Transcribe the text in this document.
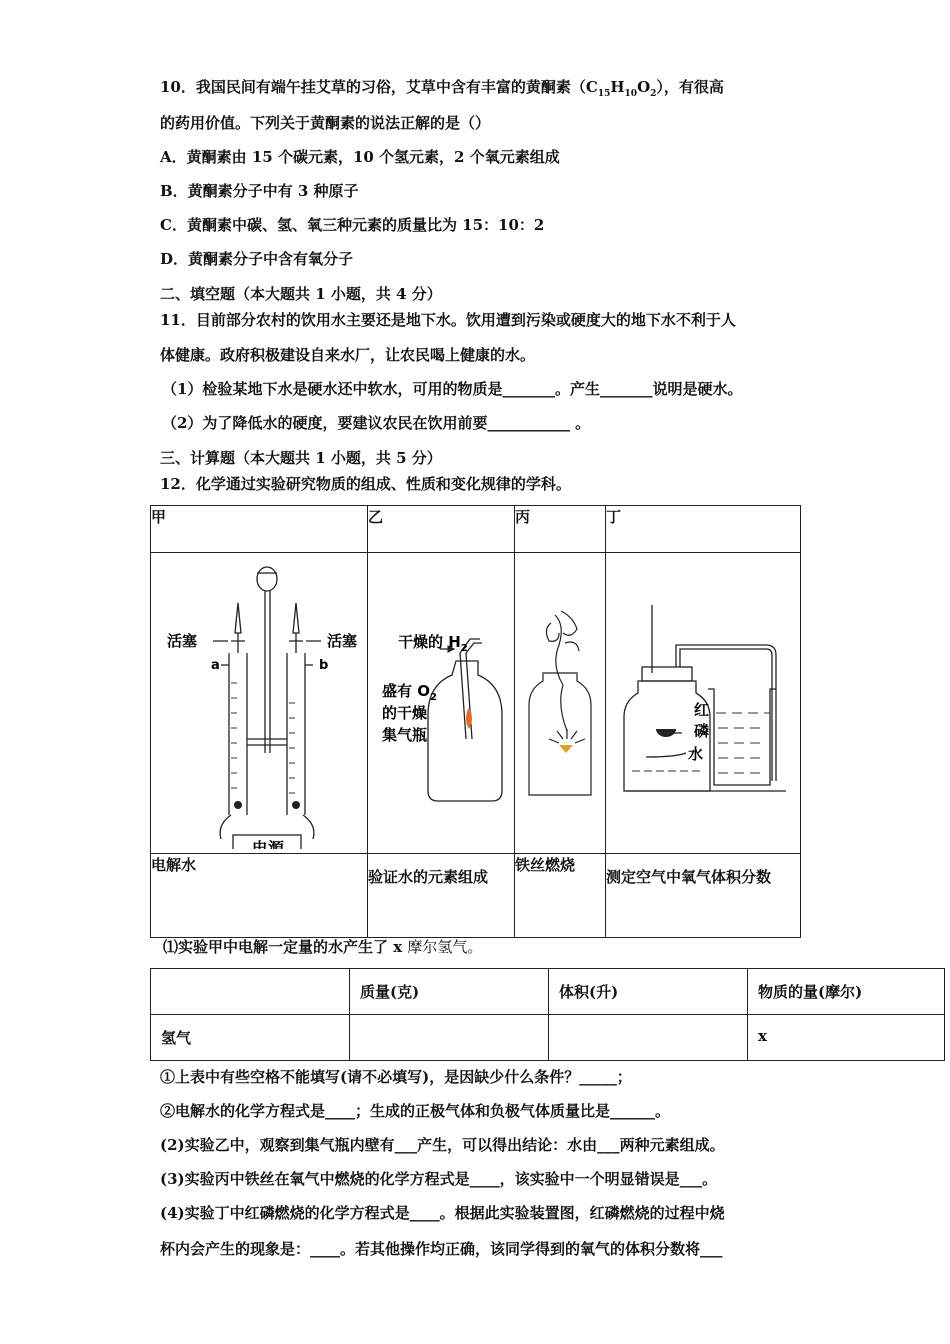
10．我国民间有端午挂艾草的习俗，艾草中含有丰富的黄酮素$(C_{15}H_{10}O_2)$，有很高
的药用价值。下列关于黄酮素的说法正解的是（）
A．黄酮素由 15 个碳元素，10 个氢元素，2 个氧元素组成
B．黄酮素分子中有 3 种原子
C．黄酮素中碳、氢、氧三种元素的质量比为 15：10：2
D．黄酮素分子中含有氧分子
二、填空题（本大题共 1 小题，共 4 分）
11．目前部分农村的饮用水主要还是地下水。饮用遭到污染或硬度大的地下水不利于人
体健康。政府积极建设自来水厂，让农民喝上健康的水。
（1）检验某地下水是硬水还中软水，可用的物质是_______。产生_______说明是硬水。
（2）为了降低水的硬度，要建议农民在饮用前要___________ 。
三、计算题（本大题共 1 小题，共 5 分）
12．化学通过实验研究物质的组成、性质和变化规律的学科。
甲	乙	丙	丁

活塞 活塞
a b
电源	干燥的 $H_2$
盛有 $O_2$
的干燥
集气瓶		红
磷
水

电解水	验证水的元素组成	铁丝燃烧	测定空气中氧气体积分数
⑴实验甲中电解一定量的水产生了 x 摩尔氢气。
	质量(克)	体积(升)	物质的量(摩尔)
氢气			x
①上表中有些空格不能填写(请不必填写)，是因缺少什么条件？_____；
②电解水的化学方程式是____；生成的正极气体和负极气体质量比是______。
(2)实验乙中，观察到集气瓶内壁有___产生，可以得出结论：水由___两种元素组成。
(3)实验丙中铁丝在氧气中燃烧的化学方程式是____，该实验中一个明显错误是___。
(4)实验丁中红磷燃烧的化学方程式是____。根据此实验装置图，红磷燃烧的过程中烧
杯内会产生的现象是：____。若其他操作均正确，该同学得到的氧气的体积分数将___
